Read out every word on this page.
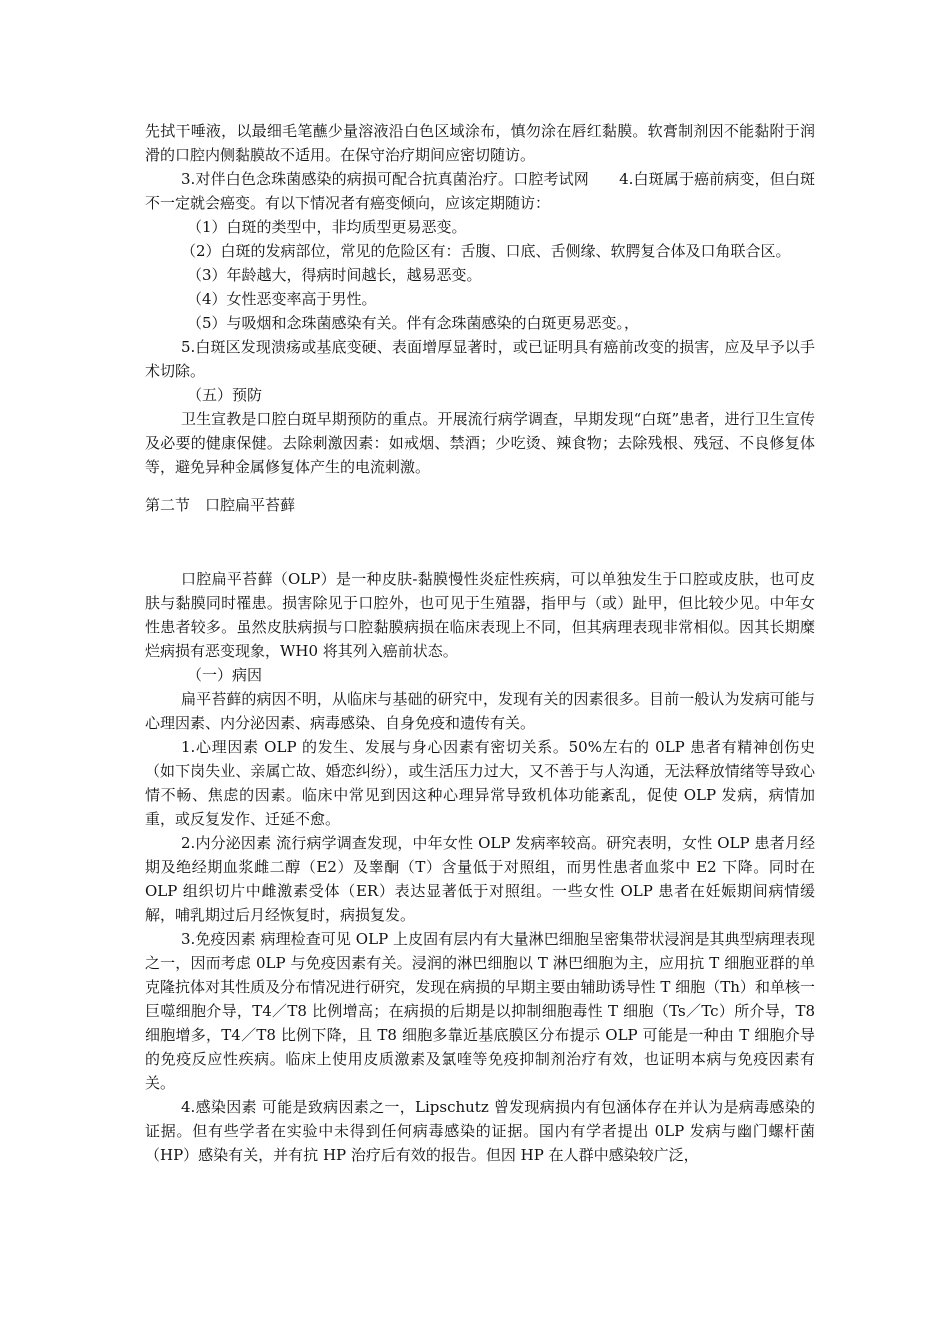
先拭干唾液，以最细毛笔蘸少量溶液沿白色区域涂布，慎勿涂在唇红黏膜。软膏制剂因不能黏附于润滑的口腔内侧黏膜故不适用。在保守治疗期间应密切随访。

3.对伴白色念珠菌感染的病损可配合抗真菌治疗。口腔考试网　　4.白斑属于癌前病变，但白斑不一定就会癌变。有以下情况者有癌变倾向，应该定期随访：

（1）白斑的类型中，非均质型更易恶变。

（2）白斑的发病部位，常见的危险区有：舌腹、口底、舌侧缘、软腭复合体及口角联合区。

（3）年龄越大，得病时间越长，越易恶变。

（4）女性恶变率高于男性。

（5）与吸烟和念珠菌感染有关。伴有念珠菌感染的白斑更易恶变。，

5.白斑区发现溃疡或基底变硬、表面增厚显著时，或已证明具有癌前改变的损害，应及早予以手术切除。

（五）预防

卫生宣教是口腔白斑早期预防的重点。开展流行病学调查，早期发现“白斑”患者，进行卫生宣传及必要的健康保健。去除刺激因素：如戒烟、禁酒；少吃烫、辣食物；去除残根、残冠、不良修复体等，避免异种金属修复体产生的电流刺激。

第二节　口腔扁平苔藓

口腔扁平苔藓（OLP）是一种皮肤-黏膜慢性炎症性疾病，可以单独发生于口腔或皮肤，也可皮肤与黏膜同时罹患。损害除见于口腔外，也可见于生殖器，指甲与（或）趾甲，但比较少见。中年女性患者较多。虽然皮肤病损与口腔黏膜病损在临床表现上不同，但其病理表现非常相似。因其长期糜烂病损有恶变现象，WH0 将其列入癌前状态。

（一）病因

扁平苔藓的病因不明，从临床与基础的研究中，发现有关的因素很多。目前一般认为发病可能与心理因素、内分泌因素、病毒感染、自身免疫和遗传有关。

1.心理因素 OLP 的发生、发展与身心因素有密切关系。50%左右的 0LP 患者有精神创伤史（如下岗失业、亲属亡故、婚恋纠纷），或生活压力过大，又不善于与人沟通，无法释放情绪等导致心情不畅、焦虑的因素。临床中常见到因这种心理异常导致机体功能紊乱，促使 OLP 发病，病情加重，或反复发作、迁延不愈。

2.内分泌因素 流行病学调查发现，中年女性 OLP 发病率较高。研究表明，女性 OLP 患者月经期及绝经期血浆雌二醇（E2）及睾酮（T）含量低于对照组，而男性患者血浆中 E2 下降。同时在 OLP 组织切片中雌激素受体（ER）表达显著低于对照组。一些女性 OLP 患者在妊娠期间病情缓解，哺乳期过后月经恢复时，病损复发。

3.免疫因素 病理检查可见 OLP 上皮固有层内有大量淋巴细胞呈密集带状浸润是其典型病理表现之一，因而考虑 0LP 与免疫因素有关。浸润的淋巴细胞以 T 淋巴细胞为主，应用抗 T 细胞亚群的单克隆抗体对其性质及分布情况进行研究，发现在病损的早期主要由辅助诱导性 T 细胞（Th）和单核一巨噬细胞介导，T4／T8 比例增高；在病损的后期是以抑制细胞毒性 T 细胞（Ts／Tc）所介导，T8 细胞增多，T4／T8 比例下降，且 T8 细胞多靠近基底膜区分布提示 OLP 可能是一种由 T 细胞介导的免疫反应性疾病。临床上使用皮质激素及氯喹等免疫抑制剂治疗有效，也证明本病与免疫因素有关。

4.感染因素 可能是致病因素之一，Lipschutz 曾发现病损内有包涵体存在并认为是病毒感染的证据。但有些学者在实验中未得到任何病毒感染的证据。国内有学者提出 0LP 发病与幽门螺杆菌（HP）感染有关，并有抗 HP 治疗后有效的报告。但因 HP 在人群中感染较广泛，
